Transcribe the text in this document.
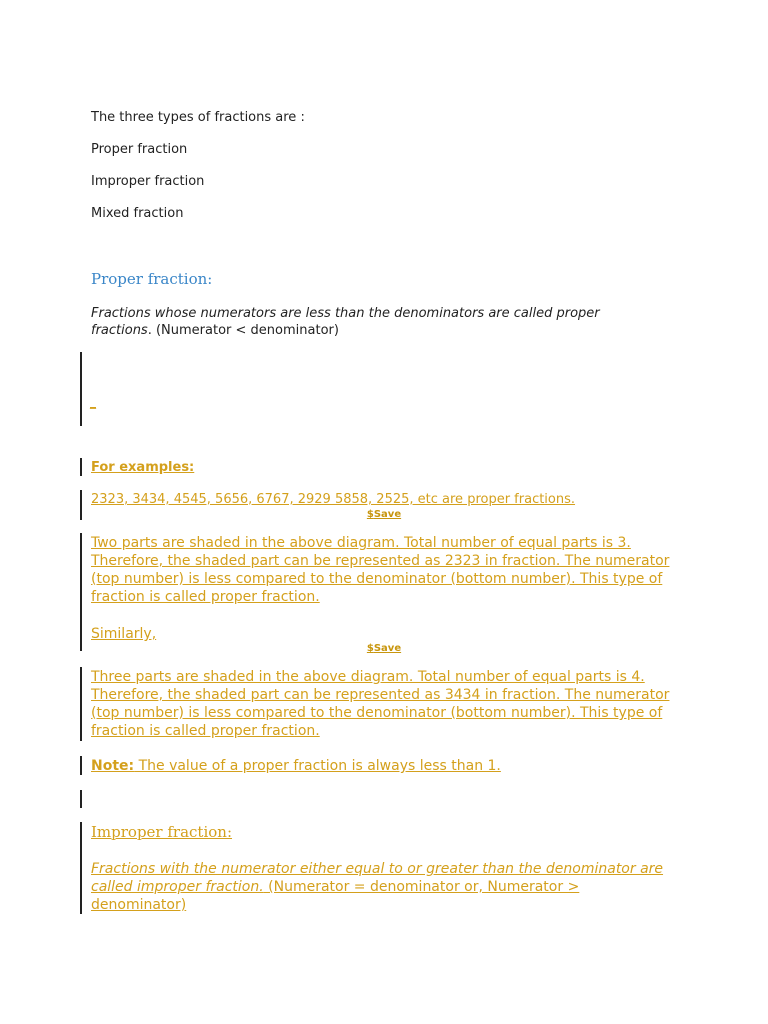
The three types of fractions are :
Proper fraction
Improper fraction
Mixed fraction
Proper fraction:
Fractions whose numerators are less than the denominators are called proper fractions. (Numerator < denominator)
_
For examples:
2323, 3434, 4545, 5656, 6767, 2929 5858, 2525, etc are proper fractions.
$Save
Two parts are shaded in the above diagram. Total number of equal parts is 3. Therefore, the shaded part can be represented as 2323 in fraction. The numerator (top number) is less compared to the denominator (bottom number). This type of fraction is called proper fraction.
Similarly,
$Save
Three parts are shaded in the above diagram. Total number of equal parts is 4. Therefore, the shaded part can be represented as 3434 in fraction. The numerator (top number) is less compared to the denominator (bottom number). This type of fraction is called proper fraction.
Note: The value of a proper fraction is always less than 1.
Improper fraction:
Fractions with the numerator either equal to or greater than the denominator are called improper fraction. (Numerator = denominator or, Numerator > denominator)
